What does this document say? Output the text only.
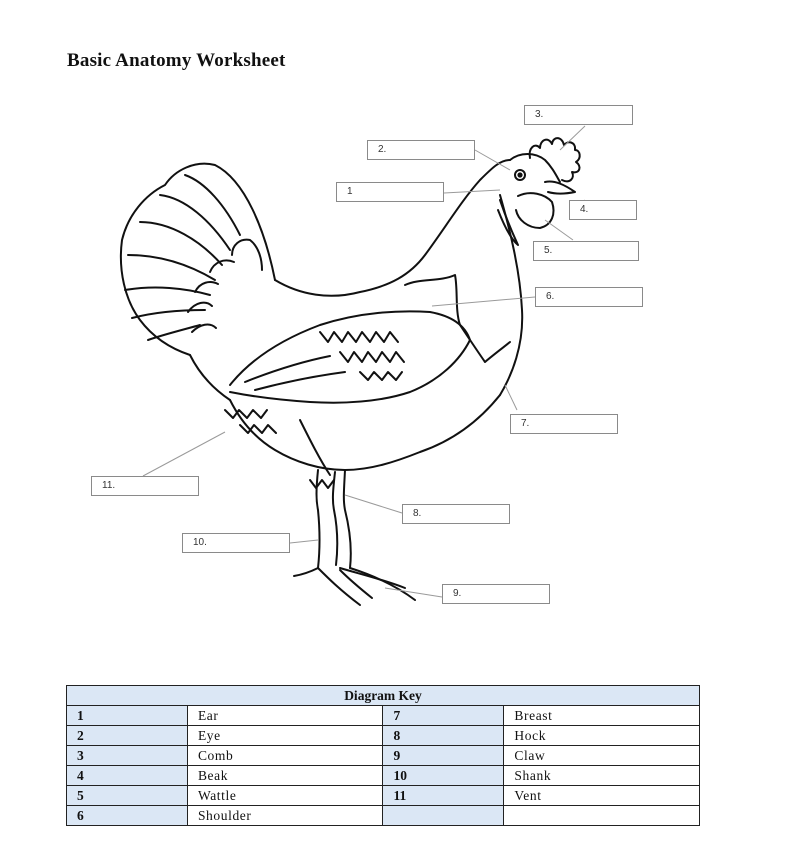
Basic Anatomy Worksheet
1
2.
3.
4.
5.
6.
7.
8.
9.
10.
11.
Diagram Key			
1	Ear	7	Breast
2	Eye	8	Hock
3	Comb	9	Claw
4	Beak	10	Shank
5	Wattle	11	Vent
6	Shoulder		
